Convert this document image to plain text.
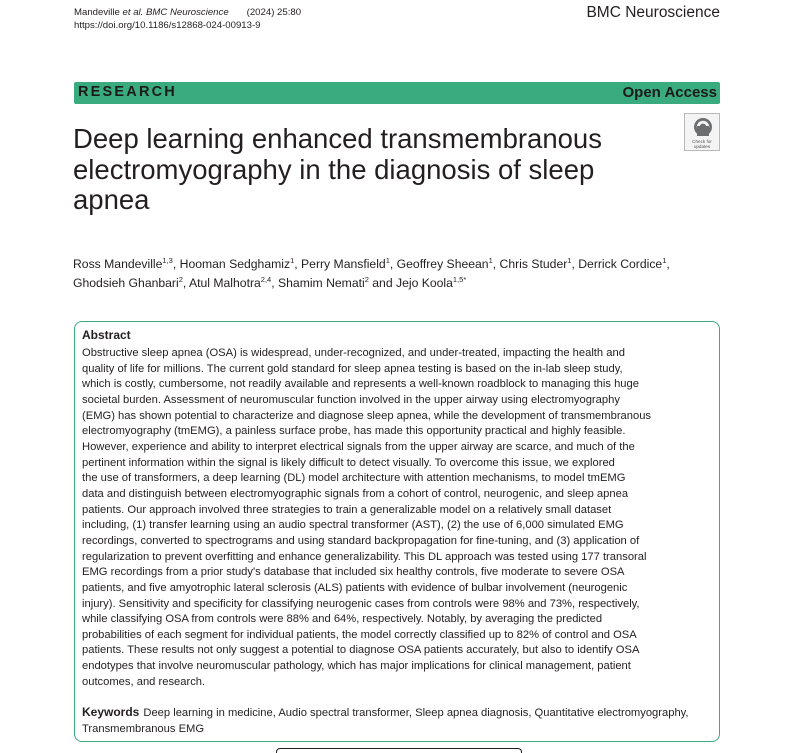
Mandeville et al. BMC Neuroscience (2024) 25:80
https://doi.org/10.1186/s12868-024-00913-9
BMC Neuroscience
RESEARCH	Open Access
Deep learning enhanced transmembranous electromyography in the diagnosis of sleep apnea
Check for
updates
Ross Mandeville$^{1,3}$, Hooman Sedghamiz$^1$, Perry Mansfield$^1$, Geoffrey Sheean$^1$, Chris Studer$^1$, Derrick Cordice$^1$, Ghodsieh Ghanbari$^2$, Atul Malhotra$^{2,4}$, Shamim Nemati$^2$ and Jejo Koola$^{1,5*}$
Abstract

Obstructive sleep apnea (OSA) is widespread, under-recognized, and under-treated, impacting the health and
quality of life for millions. The current gold standard for sleep apnea testing is based on the in-lab sleep study,
which is costly, cumbersome, not readily available and represents a well-known roadblock to managing this huge
societal burden. Assessment of neuromuscular function involved in the upper airway using electromyography
(EMG) has shown potential to characterize and diagnose sleep apnea, while the development of transmembranous
electromyography (tmEMG), a painless surface probe, has made this opportunity practical and highly feasible.
However, experience and ability to interpret electrical signals from the upper airway are scarce, and much of the
pertinent information within the signal is likely difficult to detect visually. To overcome this issue, we explored
the use of transformers, a deep learning (DL) model architecture with attention mechanisms, to model tmEMG
data and distinguish between electromyographic signals from a cohort of control, neurogenic, and sleep apnea
patients. Our approach involved three strategies to train a generalizable model on a relatively small dataset
including, (1) transfer learning using an audio spectral transformer (AST), (2) the use of 6,000 simulated EMG
recordings, converted to spectrograms and using standard backpropagation for fine-tuning, and (3) application of
regularization to prevent overfitting and enhance generalizability. This DL approach was tested using 177 transoral
EMG recordings from a prior study's database that included six healthy controls, five moderate to severe OSA
patients, and five amyotrophic lateral sclerosis (ALS) patients with evidence of bulbar involvement (neurogenic
injury). Sensitivity and specificity for classifying neurogenic cases from controls were 98% and 73%, respectively,
while classifying OSA from controls were 88% and 64%, respectively. Notably, by averaging the predicted
probabilities of each segment for individual patients, the model correctly classified up to 82% of control and OSA
patients. These results not only suggest a potential to diagnose OSA patients accurately, but also to identify OSA
endotypes that involve neuromuscular pathology, which has major implications for clinical management, patient
outcomes, and research.

Keywords Deep learning in medicine, Audio spectral transformer, Sleep apnea diagnosis, Quantitative electromyography, Transmembranous EMG
